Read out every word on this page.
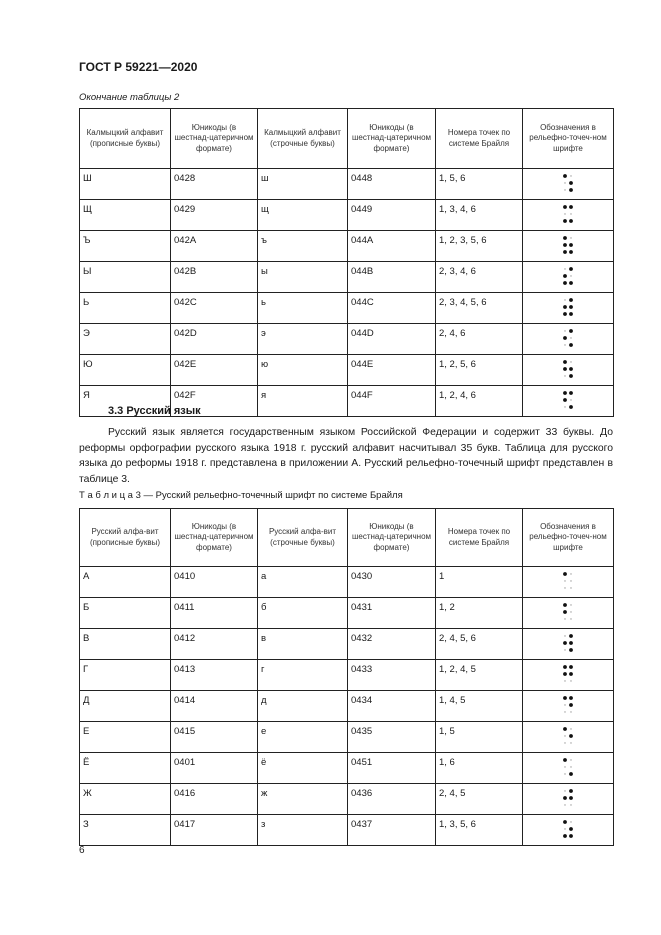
ГОСТ Р 59221—2020
Окончание таблицы 2
Калмыцкий алфавит (прописные буквы)	Юникоды (в шестнад-цатеричном формате)	Калмыцкий алфавит (строчные буквы)	Юникоды (в шестнад-цатеричном формате)	Номера точек по системе Брайля	Обозначения в рельефно-точеч-ном шрифте
Ш	0428	ш	0448	1, 5, 6	
Щ	0429	щ	0449	1, 3, 4, 6	
Ъ	042A	ъ	044A	1, 2, 3, 5, 6	
Ы	042B	ы	044B	2, 3, 4, 6	
Ь	042C	ь	044C	2, 3, 4, 5, 6	
Э	042D	э	044D	2, 4, 6	
Ю	042E	ю	044E	1, 2, 5, 6	
Я	042F	я	044F	1, 2, 4, 6	
3.3 Русский язык

Русский язык является государственным языком Российской Федерации и содержит 33 буквы. До реформы орфографии русского языка 1918 г. русский алфавит насчитывал 35 букв. Таблица для русского языка до реформы 1918 г. представлена в приложении А. Русский рельефно-точечный шрифт представлен в таблице 3.

Т а б л и ц а 3 — Русский рельефно-точечный шрифт по системе Брайля
Русский алфа-вит (прописные буквы)	Юникоды (в шестнад-цатеричном формате)	Русский алфа-вит (строчные буквы)	Юникоды (в шестнад-цатеричном формате)	Номера точек по системе Брайля	Обозначения в рельефно-точеч-ном шрифте
А	0410	а	0430	1	
Б	0411	б	0431	1, 2	
В	0412	в	0432	2, 4, 5, 6	
Г	0413	г	0433	1, 2, 4, 5	
Д	0414	д	0434	1, 4, 5	
Е	0415	е	0435	1, 5	
Ё	0401	ё	0451	1, 6	
Ж	0416	ж	0436	2, 4, 5	
З	0417	з	0437	1, 3, 5, 6	
6
